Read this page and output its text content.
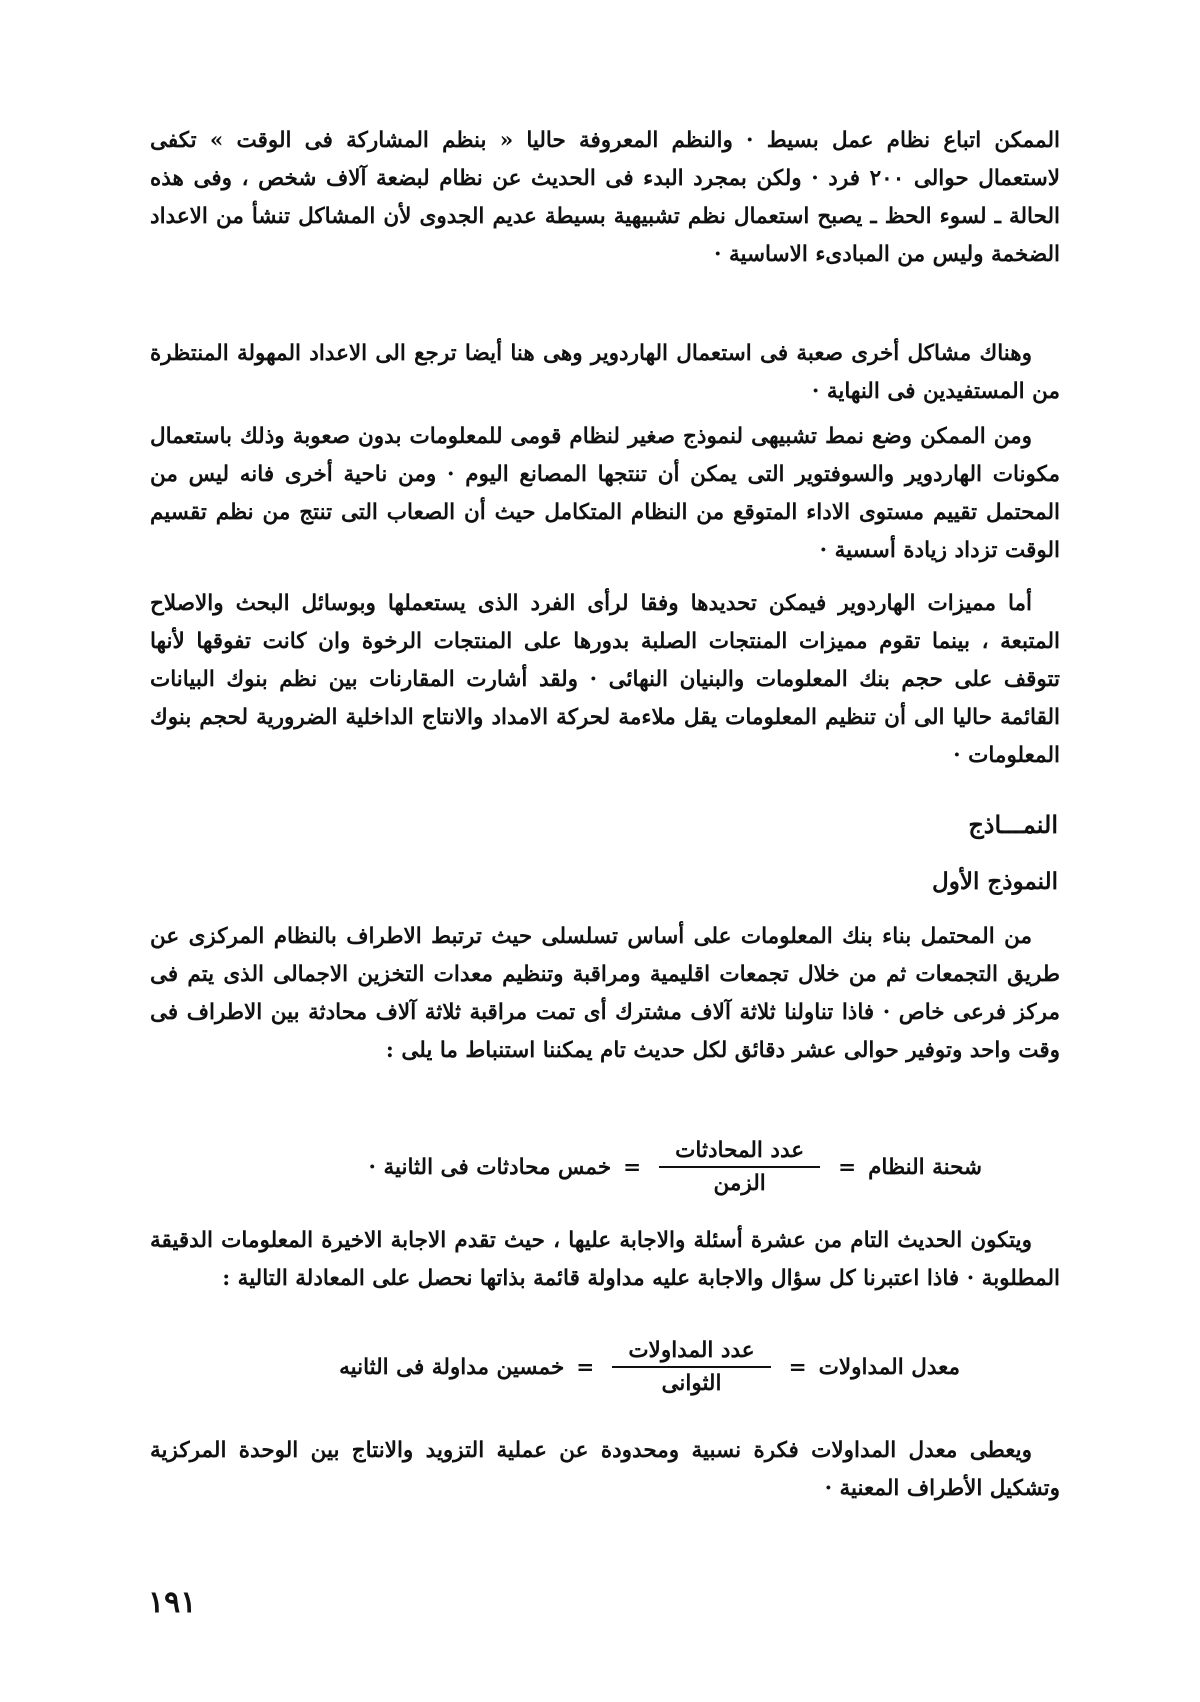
الممكن اتباع نظام عمل بسيط · والنظم المعروفة حاليا « بنظم المشاركة فى الوقت » تكفى لاستعمال حوالى ٢٠٠ فرد · ولكن بمجرد البدء فى الحديث عن نظام لبضعة آلاف شخص ، وفى هذه الحالة ـ لسوء الحظ ـ يصبح استعمال نظم تشبيهية بسيطة عديم الجدوى لأن المشاكل تنشأ من الاعداد الضخمة وليس من المبادىء الاساسية ·

وهناك مشاكل أخرى صعبة فى استعمال الهاردوير وهى هنا أيضا ترجع الى الاعداد المهولة المنتظرة من المستفيدين فى النهاية ·

ومن الممكن وضع نمط تشبيهى لنموذج صغير لنظام قومى للمعلومات بدون صعوبة وذلك باستعمال مكونات الهاردوير والسوفتوير التى يمكن أن تنتجها المصانع اليوم · ومن ناحية أخرى فانه ليس من المحتمل تقييم مستوى الاداء المتوقع من النظام المتكامل حيث أن الصعاب التى تنتج من نظم تقسيم الوقت تزداد زيادة أسسية ·

أما مميزات الهاردوير فيمكن تحديدها وفقا لرأى الفرد الذى يستعملها وبوسائل البحث والاصلاح المتبعة ، بينما تقوم مميزات المنتجات الصلبة بدورها على المنتجات الرخوة وان كانت تفوقها لأنها تتوقف على حجم بنك المعلومات والبنيان النهائى · ولقد أشارت المقارنات بين نظم بنوك البيانات القائمة حاليا الى أن تنظيم المعلومات يقل ملاءمة لحركة الامداد والانتاج الداخلية الضرورية لحجم بنوك المعلومات ·

النمـــاذج
النموذج الأول

من المحتمل بناء بنك المعلومات على أساس تسلسلى حيث ترتبط الاطراف بالنظام المركزى عن طريق التجمعات ثم من خلال تجمعات اقليمية ومراقبة وتنظيم معدات التخزين الاجمالى الذى يتم فى مركز فرعى خاص · فاذا تناولنا ثلاثة آلاف مشترك أى تمت مراقبة ثلاثة آلاف محادثة بين الاطراف فى وقت واحد وتوفير حوالى عشر دقائق لكل حديث تام يمكننا استنباط ما يلى :

شحنة النظام
=
$\frac{\text{عدد المحادثات}}{\text{الزمن}}$
=
خمس محادثات فى الثانية ·

ويتكون الحديث التام من عشرة أسئلة والاجابة عليها ، حيث تقدم الاجابة الاخيرة المعلومات الدقيقة المطلوبة · فاذا اعتبرنا كل سؤال والاجابة عليه مداولة قائمة بذاتها نحصل على المعادلة التالية :

معدل المداولات
=
$\frac{\text{عدد المداولات}}{\text{الثوانى}}$
=
خمسين مداولة فى الثانيه

ويعطى معدل المداولات فكرة نسبية ومحدودة عن عملية التزويد والانتاج بين الوحدة المركزية وتشكيل الأطراف المعنية ·

١٩١
